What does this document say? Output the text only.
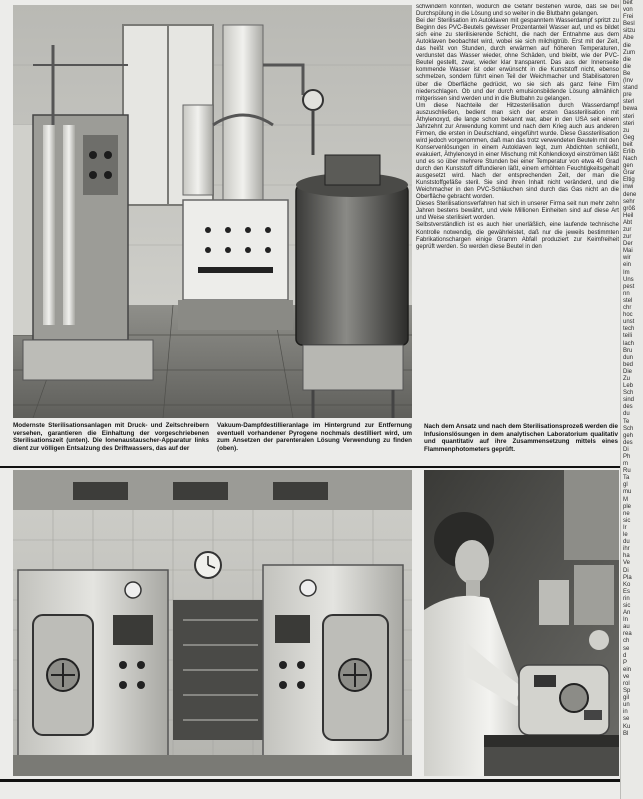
Modernste Sterilisationsanlagen mit Druck- und Zeitschreibern versehen, garantieren die Einhaltung der vorgeschriebenen Sterilisationszeit (unten). Die Ionenaustauscher-Apparatur links dient zur völligen Entsalzung des Driftwassers, das auf der
Vakuum-Dampfdestillieranlage im Hintergrund zur Entfernung eventuell vorhandener Pyrogene nochmals destilliert wird, um zum Ansetzen der parenteralen Lösung Verwendung zu finden (oben).

schwindern könnten, wodurch die Gefahr bestehen würde, daß sie bei Durchspülung in die Lösung und so weiter in die Blutbahn gelangen.

Bei der Sterilisation im Autoklaven mit gespanntem Wasserdampf spritzt zu Beginn des PVC-Beutels gewisser Prozentanteil Wasser auf, und es bildet sich eine zu sterilisierende Schicht, die nach der Entnahme aus dem Autoklaven beobachtet wird, wobei sie sich milchigtrüb. Erst mit der Zeit, das heißt von Stunden, durch erwärmen auf höheren Temperaturen, verdunstet das Wasser wieder, ohne Schäden, und bleibt, wie der PVC-Beutel gestellt, zwar, wieder klar transparent. Das aus der Innenseite kommende Wasser ist oder erwünscht in die Kunststoff nicht, ebenso schmelzen, sondern führt einen Teil der Weichmacher und Stabilisatoren über die Oberfläche gedrückt, wo sie sich als ganz feine Film niederschlagen. Ob und der durch emulsionsbildende Lösung allmählich mitgerissen sind werden und in die Blutbahn zu gelangen.

Um diese Nachteile der Hitzesterilisation durch Wasserdampf auszuschließen, bedient man sich der ersten Gassterilisation mit Äthylenoxyd, die lange schon bekannt war, aber in den USA seit einem Jahrzehnt zur Anwendung kommt und nach dem Krieg auch aus anderen Firmen, die ersten in Deutschland, eingeführt wurde. Diese Gassterilisation wird jedoch vorgenommen, daß man das trotz verwendeten Beuteln mit den Konservenlösungen in einem Autoklaven legt, zum Abdichten schließt, evakuiert, Äthylenoxyd in einer Mischung mit Kohlendioxyd einströmen läßt und es so über mehrere Stunden bei einer Temperatur von etwa 40 Grad durch den Kunststoff diffundieren läßt, einem erhöhten Feuchtigkeitsgehalt ausgesetzt wird. Nach der entsprechenden Zeit, der man die Kunststoffgefäße steril. Sie sind ihren Inhalt nicht veränderd, und die Weichmacher in den PVC-Schläuchen sind durch das Gas nicht an die Oberfläche gebracht worden.

Dieses Sterilisationsverfahren hat sich in unserer Firma seit nun mehr zehn Jahren bestens bewährt, und viele Millionen Einheiten sind auf diese Art und Weise sterilisiert worden.

Selbstverständlich ist es auch hier unerläßlich, eine laufende technische Kontrolle notwendig, die gewährleistet, daß nur die jeweils bestimmten Fabrikationschargen einige Gramm Abfall produziert zur Keimfreiheit geprüft werden. So werden diese Beutel in den

Nach dem Ansatz und nach dem Sterilisationsprozeß werden die Infusionslösungen in dem analytischen Laboratorium qualitativ und quantitativ auf ihre Zusammensetzung mittels eines Flammenphotometers geprüft.
beit
von
Frei
Besl
sitzu
Abe
die
Zum
die
die
Be
(Inv
stand
pre
sterl
bewa
steri
steri
zu
Geg
beit
Erlib
Nach
gen
Grar
Eltig
inwi
dene
sehr
größ
Heil
Abt
zur
zur
Der
Mai
wir
ein
Im
Uns
pest
nn
stel
chr
hoc
unst
tech
teili
lach
Bru
dun
bed
Die
Zu
Leb
Sch
sind
des
du
Te
Sch
geh
des
Di
Ph
m
Ru
Ta
gl
mu
M
ple
ne
sic
Ir
le
du
ihr
ha
Ve
Di
Pla
Ko
Es
rin
sic
An
In
au
rea
ch
se
d
P
ein
ve
rol
Sp
gil
un
in
se
Ku
Bl
